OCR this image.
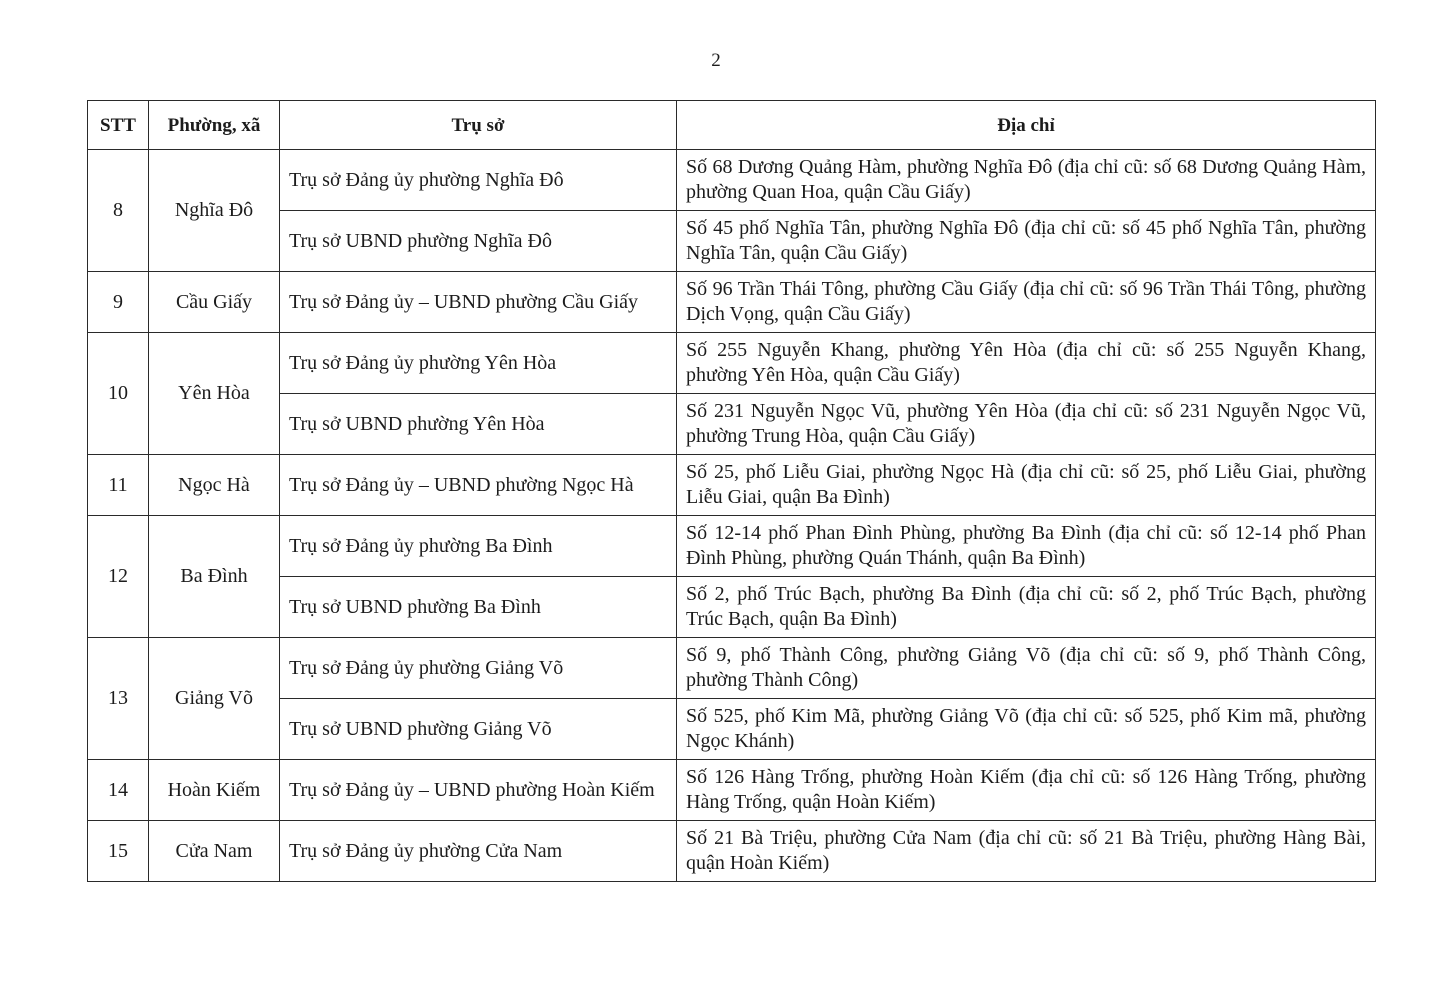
2
STT	Phường, xã	Trụ sở	Địa chỉ
8	Nghĩa Đô	Trụ sở Đảng ủy phường Nghĩa Đô	Số 68 Dương Quảng Hàm, phường Nghĩa Đô (địa chỉ cũ: số 68 Dương Quảng Hàm, phường Quan Hoa, quận Cầu Giấy)
		Trụ sở UBND phường Nghĩa Đô	Số 45 phố Nghĩa Tân, phường Nghĩa Đô (địa chỉ cũ: số 45 phố Nghĩa Tân, phường Nghĩa Tân, quận Cầu Giấy)
9	Cầu Giấy	Trụ sở Đảng ủy – UBND phường Cầu Giấy	Số 96 Trần Thái Tông, phường Cầu Giấy (địa chỉ cũ: số 96 Trần Thái Tông, phường Dịch Vọng, quận Cầu Giấy)
10	Yên Hòa	Trụ sở Đảng ủy phường Yên Hòa	Số 255 Nguyễn Khang, phường Yên Hòa (địa chỉ cũ: số 255 Nguyễn Khang, phường Yên Hòa, quận Cầu Giấy)
		Trụ sở UBND phường Yên Hòa	Số 231 Nguyễn Ngọc Vũ, phường Yên Hòa (địa chỉ cũ: số 231 Nguyễn Ngọc Vũ, phường Trung Hòa, quận Cầu Giấy)
11	Ngọc Hà	Trụ sở Đảng ủy – UBND phường Ngọc Hà	Số 25, phố Liễu Giai, phường Ngọc Hà (địa chỉ cũ: số 25, phố Liễu Giai, phường Liễu Giai, quận Ba Đình)
12	Ba Đình	Trụ sở Đảng ủy phường Ba Đình	Số 12-14 phố Phan Đình Phùng, phường Ba Đình (địa chỉ cũ: số 12-14 phố Phan Đình Phùng, phường Quán Thánh, quận Ba Đình)
		Trụ sở UBND phường Ba Đình	Số 2, phố Trúc Bạch, phường Ba Đình (địa chỉ cũ: số 2, phố Trúc Bạch, phường Trúc Bạch, quận Ba Đình)
13	Giảng Võ	Trụ sở Đảng ủy phường Giảng Võ	Số 9, phố Thành Công, phường Giảng Võ (địa chỉ cũ: số 9, phố Thành Công, phường Thành Công)
		Trụ sở UBND phường Giảng Võ	Số 525, phố Kim Mã, phường Giảng Võ (địa chỉ cũ: số 525, phố Kim mã, phường Ngọc Khánh)
14	Hoàn Kiếm	Trụ sở Đảng ủy – UBND phường Hoàn Kiếm	Số 126 Hàng Trống, phường Hoàn Kiếm (địa chỉ cũ: số 126 Hàng Trống, phường Hàng Trống, quận Hoàn Kiếm)
15	Cửa Nam	Trụ sở Đảng ủy phường Cửa Nam	Số 21 Bà Triệu, phường Cửa Nam (địa chỉ cũ: số 21 Bà Triệu, phường Hàng Bài, quận Hoàn Kiếm)
